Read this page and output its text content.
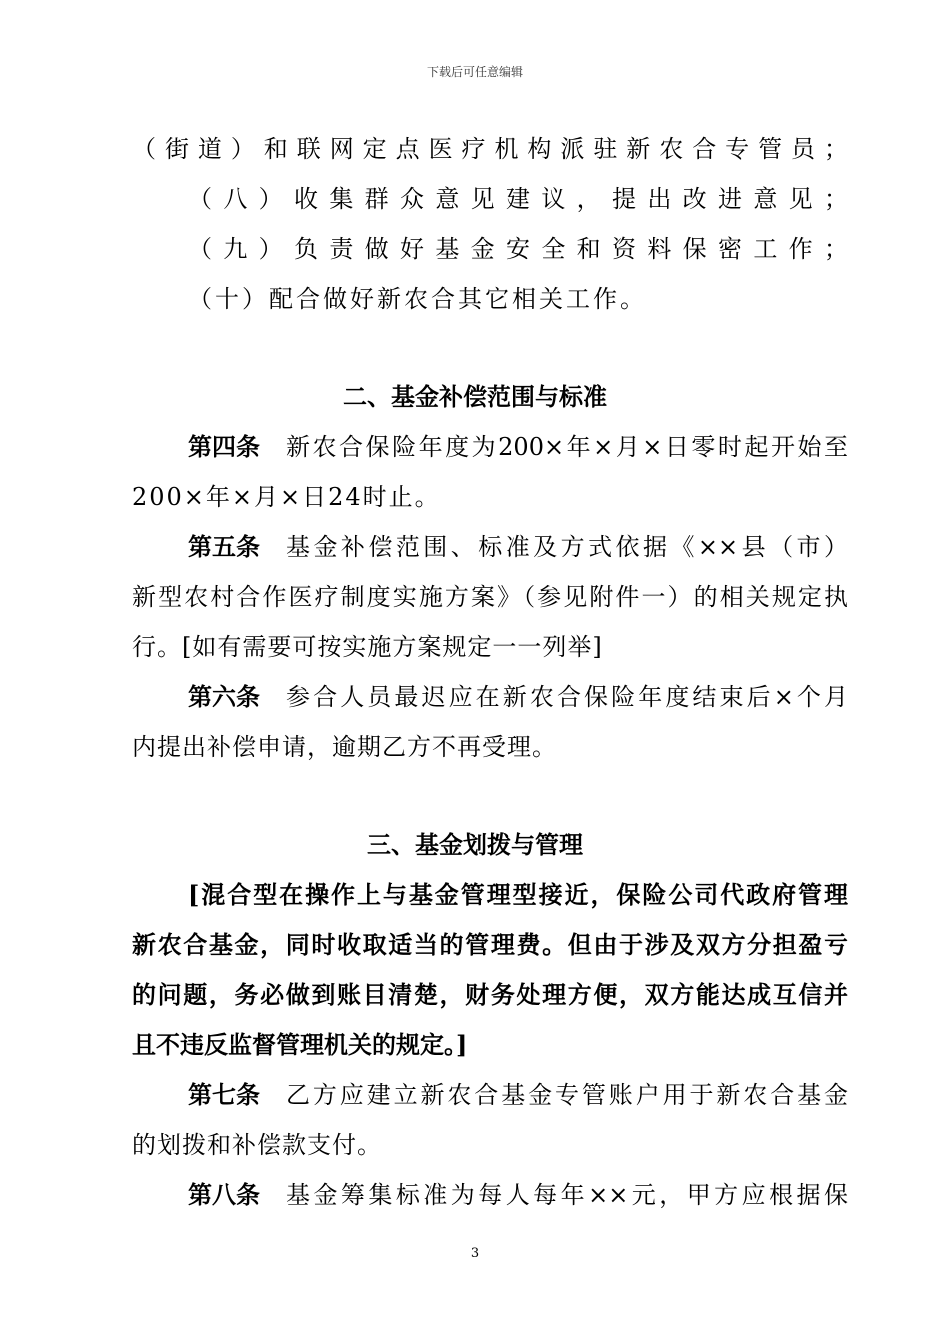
下载后可任意编辑
（街道）和联网定点医疗机构派驻新农合专管员；
（八）收集群众意见建议，提出改进意见；
（九）负责做好基金安全和资料保密工作；
（十）配合做好新农合其它相关工作。
二、基金补偿范围与标准
第四条 新农合保险年度为200×年×月×日零时起开始至
200×年×月×日24时止。
第五条 基金补偿范围、标准及方式依据《××县（市）
新型农村合作医疗制度实施方案》（参见附件一）的相关规定执
行。[如有需要可按实施方案规定一一列举]
第六条 参合人员最迟应在新农合保险年度结束后×个月
内提出补偿申请，逾期乙方不再受理。
三、基金划拨与管理
[混合型在操作上与基金管理型接近，保险公司代政府管理
新农合基金，同时收取适当的管理费。但由于涉及双方分担盈亏
的问题，务必做到账目清楚，财务处理方便，双方能达成互信并
且不违反监督管理机关的规定。]
第七条 乙方应建立新农合基金专管账户用于新农合基金
的划拨和补偿款支付。
第八条 基金筹集标准为每人每年××元，甲方应根据保
3
